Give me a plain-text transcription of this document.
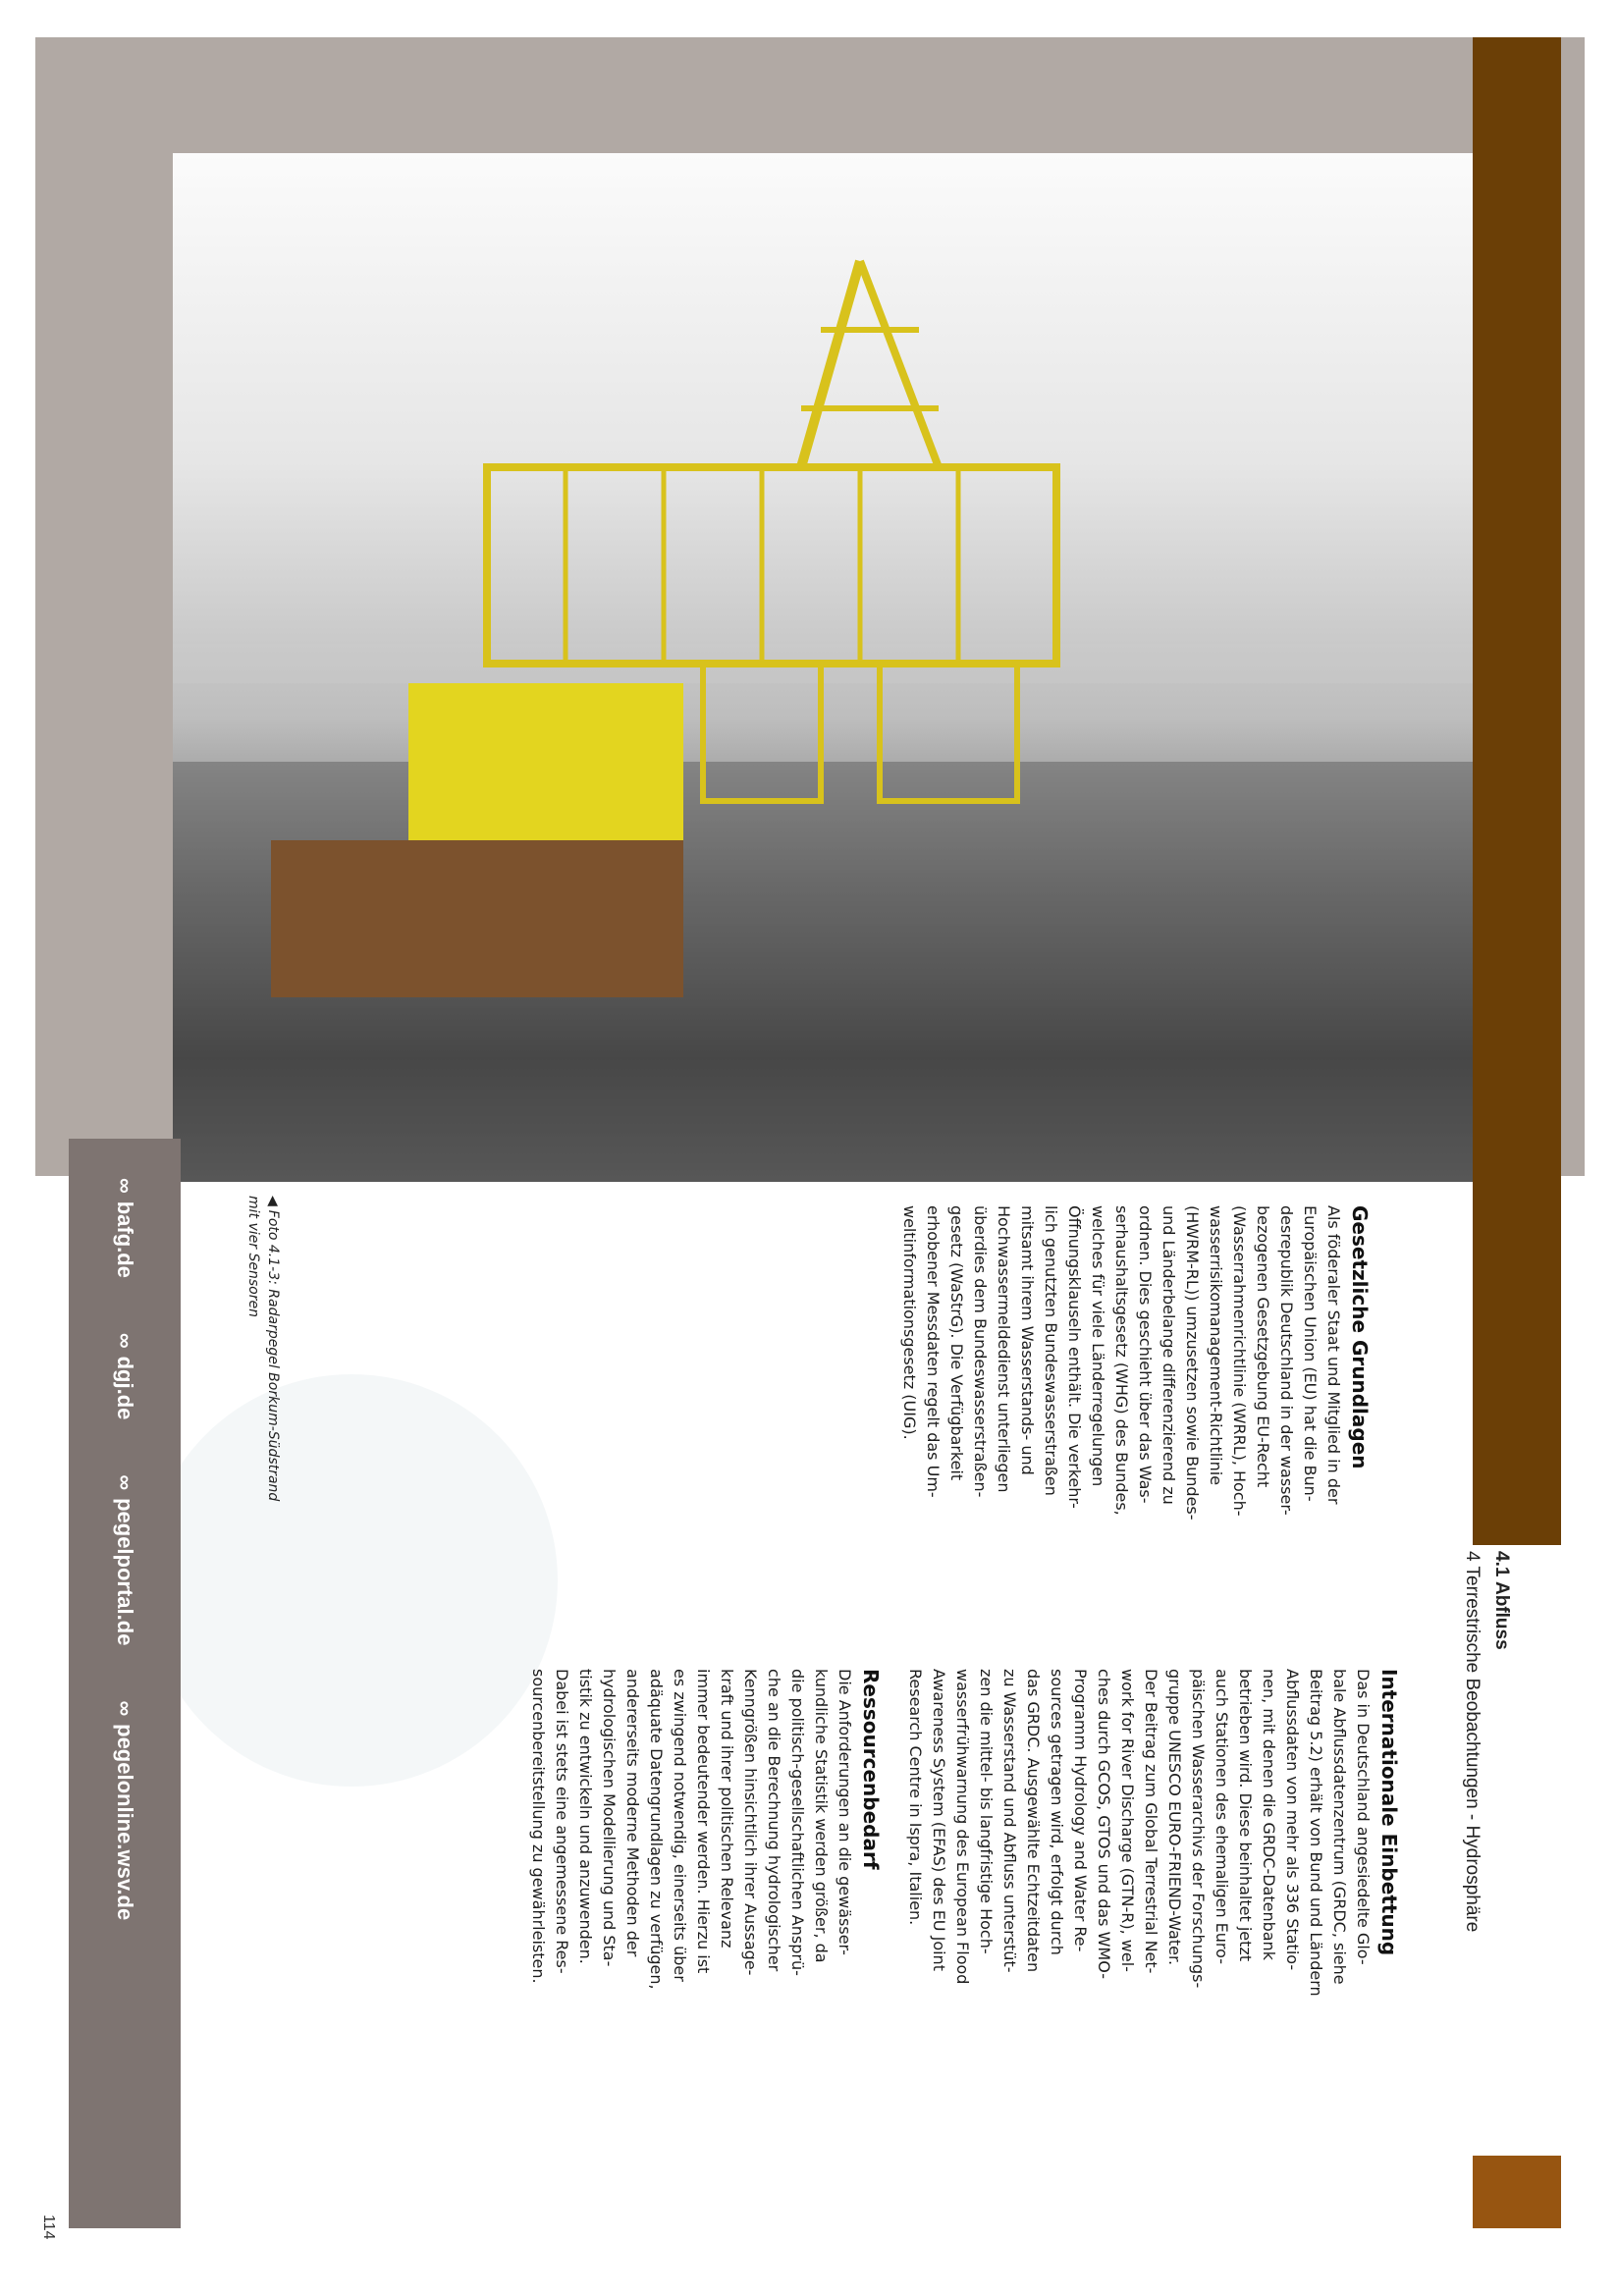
4.1 Abfluss
4 Terrestrische Beobachtungen - Hydrosphäre
Gesetzliche Grundlagen

Als föderaler Staat und Mitglied in der
Europäischen Union (EU) hat die Bun-
desrepublik Deutschland in der wasser-
bezogenen Gesetzgebung EU-Recht
(Wasserrahmenrichtlinie (WRRL), Hoch-
wasserrisikomanagement-Richtlinie
(HWRM-RL)) umzusetzen sowie Bundes-
und Länderbelange differenzierend zu
ordnen. Dies geschieht über das Was-
serhaushaltsgesetz (WHG) des Bundes,
welches für viele Länderregelungen
Öffnungsklauseln enthält. Die verkehr-
lich genutzten Bundeswasserstraßen
mitsamt ihrem Wasserstands- und
Hochwassermeldedienst unterliegen
überdies dem Bundeswasserstraßen-
gesetz (WaStrG). Die Verfügbarkeit
erhobener Messdaten regelt das Um-
weltinformationsgesetz (UIG).

Internationale Einbettung

Das in Deutschland angesiedelte Glo-
bale Abflussdatenzentrum (GRDC, siehe
Beitrag 5.2) erhält von Bund und Ländern
Abflussdaten von mehr als 336 Statio-
nen, mit denen die GRDC-Datenbank
betrieben wird. Diese beinhaltet jetzt
auch Stationen des ehemaligen Euro-
päischen Wasserarchivs der Forschungs-
gruppe UNESCO EURO-FRIEND-Water.
Der Beitrag zum Global Terrestrial Net-
work for River Discharge (GTN-R), wel-
ches durch GCOS, GTOS und das WMO-
Programm Hydrology and Water Re-
sources getragen wird, erfolgt durch
das GRDC. Ausgewählte Echtzeitdaten
zu Wasserstand und Abfluss unterstüt-
zen die mittel- bis langfristige Hoch-
wasserfrühwarnung des European Flood
Awareness System (EFAS) des EU Joint
Research Centre in Ispra, Italien.

Ressourcenbedarf

Die Anforderungen an die gewässer-
kundliche Statistik werden größer, da
die politisch-gesellschaftlichen Ansprü-
che an die Berechnung hydrologischer
Kenngrößen hinsichtlich ihrer Aussage-
kraft und ihrer politischen Relevanz
immer bedeutender werden. Hierzu ist
es zwingend notwendig, einerseits über
adäquate Datengrundlagen zu verfügen,
andererseits moderne Methoden der
hydrologischen Modellierung und Sta-
tistik zu entwickeln und anzuwenden.
Dabei ist stets eine angemessene Res-
sourcenbereitstellung zu gewährleisten.

◀Foto 4.1-3: Radarpegel Borkum-Südstrand
mit vier Sensoren
∞
bafg.de
∞
dgj.de
∞
pegelportal.de
∞
pegelonline.wsv.de
114
